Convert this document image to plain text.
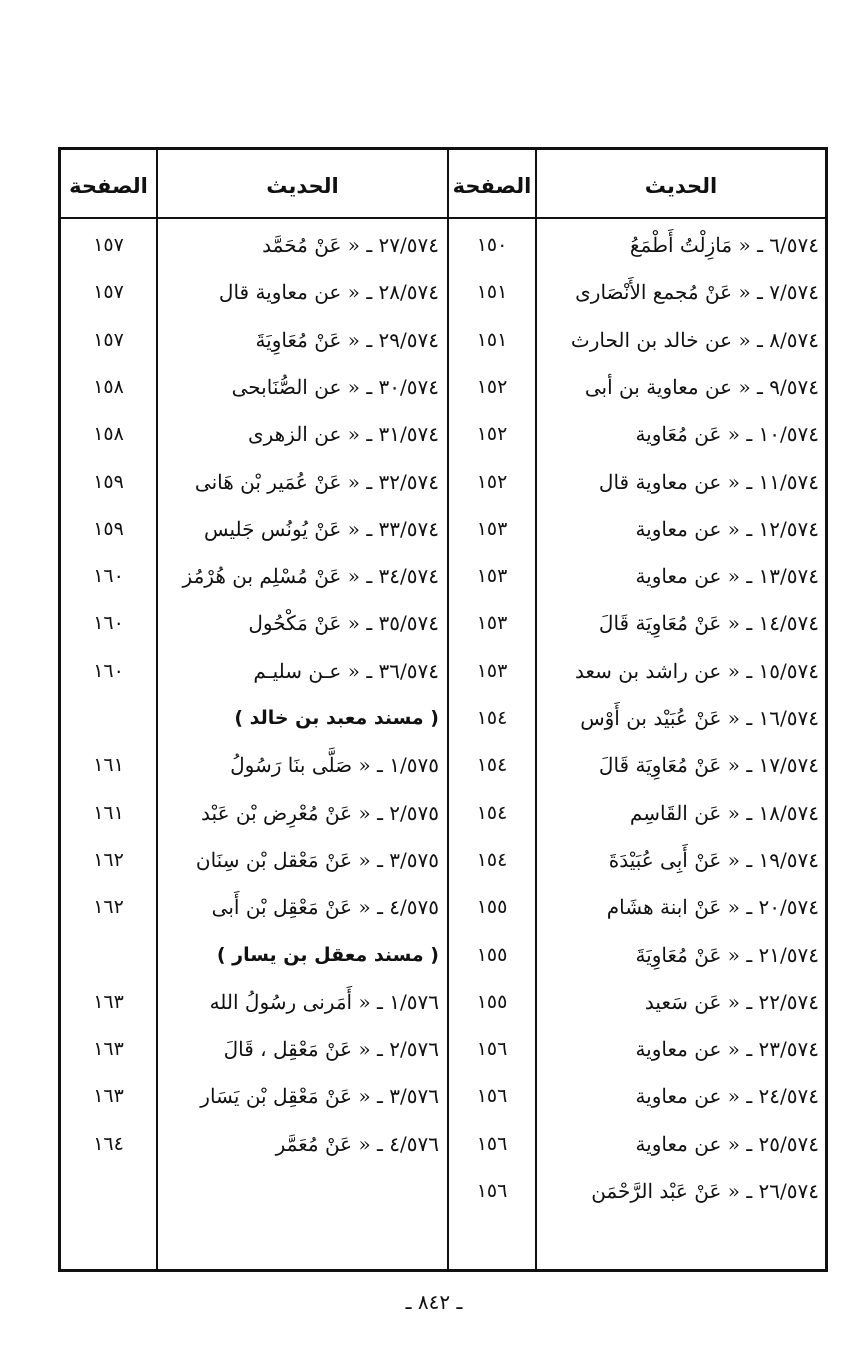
الحديث
الصفحة
الحديث
الصفحة
٦/٥٧٤ ـ « مَازِلْتُ أَطْمَعُ
١٥٠
٧/٥٧٤ ـ « عَنْ مُجمع الأَنْصَارى
١٥١
٨/٥٧٤ ـ « عن خالد بن الحارث
١٥١
٩/٥٧٤ ـ « عن معاوية بن أبى
١٥٢
١٠/٥٧٤ ـ « عَن مُعَاوية
١٥٢
١١/٥٧٤ ـ « عن معاوية قال
١٥٢
١٢/٥٧٤ ـ « عن معاوية
١٥٣
١٣/٥٧٤ ـ « عن معاوية
١٥٣
١٤/٥٧٤ ـ « عَنْ مُعَاوِيَة قَالَ
١٥٣
١٥/٥٧٤ ـ « عن راشد بن سعد
١٥٣
١٦/٥٧٤ ـ « عَنْ عُبَيْد بن أَوْس
١٥٤
١٧/٥٧٤ ـ « عَنْ مُعَاوِيَة قَالَ
١٥٤
١٨/٥٧٤ ـ « عَن القَاسِم
١٥٤
١٩/٥٧٤ ـ « عَنْ أَبِى عُبَيْدَةَ
١٥٤
٢٠/٥٧٤ ـ « عَنْ ابنة هشَام
١٥٥
٢١/٥٧٤ ـ « عَنْ مُعَاوِيَةَ
١٥٥
٢٢/٥٧٤ ـ « عَن سَعيد
١٥٥
٢٣/٥٧٤ ـ « عن معاوية
١٥٦
٢٤/٥٧٤ ـ « عن معاوية
١٥٦
٢٥/٥٧٤ ـ « عن معاوية
١٥٦
٢٦/٥٧٤ ـ « عَنْ عَبْد الرَّحْمَن
١٥٦
٢٧/٥٧٤ ـ « عَنْ مُحَمَّد
١٥٧
٢٨/٥٧٤ ـ « عن معاوية قال
١٥٧
٢٩/٥٧٤ ـ « عَنْ مُعَاوِيَةَ
١٥٧
٣٠/٥٧٤ ـ « عن الصُّنَابحى
١٥٨
٣١/٥٧٤ ـ « عن الزهرى
١٥٨
٣٢/٥٧٤ ـ « عَنْ عُمَير بْن هَانى
١٥٩
٣٣/٥٧٤ ـ « عَنْ يُونُس جَليس
١٥٩
٣٤/٥٧٤ ـ « عَنْ مُسْلِم بن هُرْمُز
١٦٠
٣٥/٥٧٤ ـ « عَنْ مَكْحُول
١٦٠
٣٦/٥٧٤ ـ « عـن سليـم
١٦٠
( مسند معبد بن خالد )
١/٥٧٥ ـ « صَلَّى بنَا رَسُولُ
١٦١
٢/٥٧٥ ـ « عَنْ مُعْرِض بْن عَبْد
١٦١
٣/٥٧٥ ـ « عَنْ مَعْقل بْن سِنَان
١٦٢
٤/٥٧٥ ـ « عَنْ مَعْقِل بْن أَبى
١٦٢
( مسند معقل بن يسار )
١/٥٧٦ ـ « أَمَرنى رسُولُ الله
١٦٣
٢/٥٧٦ ـ « عَنْ مَعْقِل ، قَالَ
١٦٣
٣/٥٧٦ ـ « عَنْ مَعْقِل بْن يَسَار
١٦٣
٤/٥٧٦ ـ « عَنْ مُعَمَّر
١٦٤
ـ ٨٤٢ ـ
